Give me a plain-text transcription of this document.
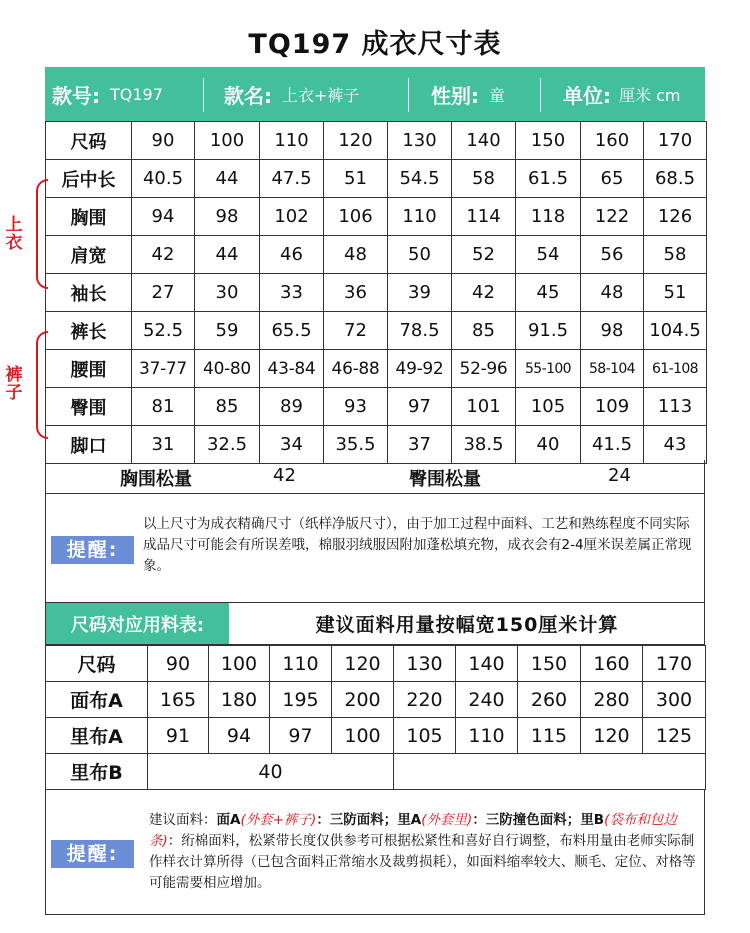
TQ197 成衣尺寸表
款号: TQ197	款名: 上衣+裤子	性别: 童	单位: 厘米 cm
尺码	90	100	110	120	130	140	150	160	170
后中长	40.5	44	47.5	51	54.5	58	61.5	65	68.5
胸围	94	98	102	106	110	114	118	122	126
肩宽	42	44	46	48	50	52	54	56	58
袖长	27	30	33	36	39	42	45	48	51
裤长	52.5	59	65.5	72	78.5	85	91.5	98	104.5
腰围	37-77	40-80	43-84	46-88	49-92	52-96	55-100	58-104	61-108
臀围	81	85	89	93	97	101	105	109	113
脚口	31	32.5	34	35.5	37	38.5	40	41.5	43
上衣
裤子
胸围松量	42	臀围松量	24
提醒:
以上尺寸为成衣精确尺寸（纸样净版尺寸），由于加工过程中面料、工艺和熟练程度不同实际成品尺寸可能会有所误差哦，棉服羽绒服因附加蓬松填充物，成衣会有2-4厘米误差属正常现象。
尺码对应用料表:	建议面料用量按幅宽150厘米计算
尺码	90	100	110	120	130	140	150	160	170
面布A	165	180	195	200	220	240	260	280	300
里布A	91	94	97	100	105	110	115	120	125
里布B	40								
提醒:
建议面料：面A(外套+裤子)：三防面料；里A(外套里)：三防撞色面料；里B(袋布和包边条)：绗棉面料，松紧带长度仅供参考可根据松紧性和喜好自行调整，布料用量由老师实际制作样衣计算所得（已包含面料正常缩水及裁剪损耗），如面料缩率较大、顺毛、定位、对格等可能需要相应增加。
